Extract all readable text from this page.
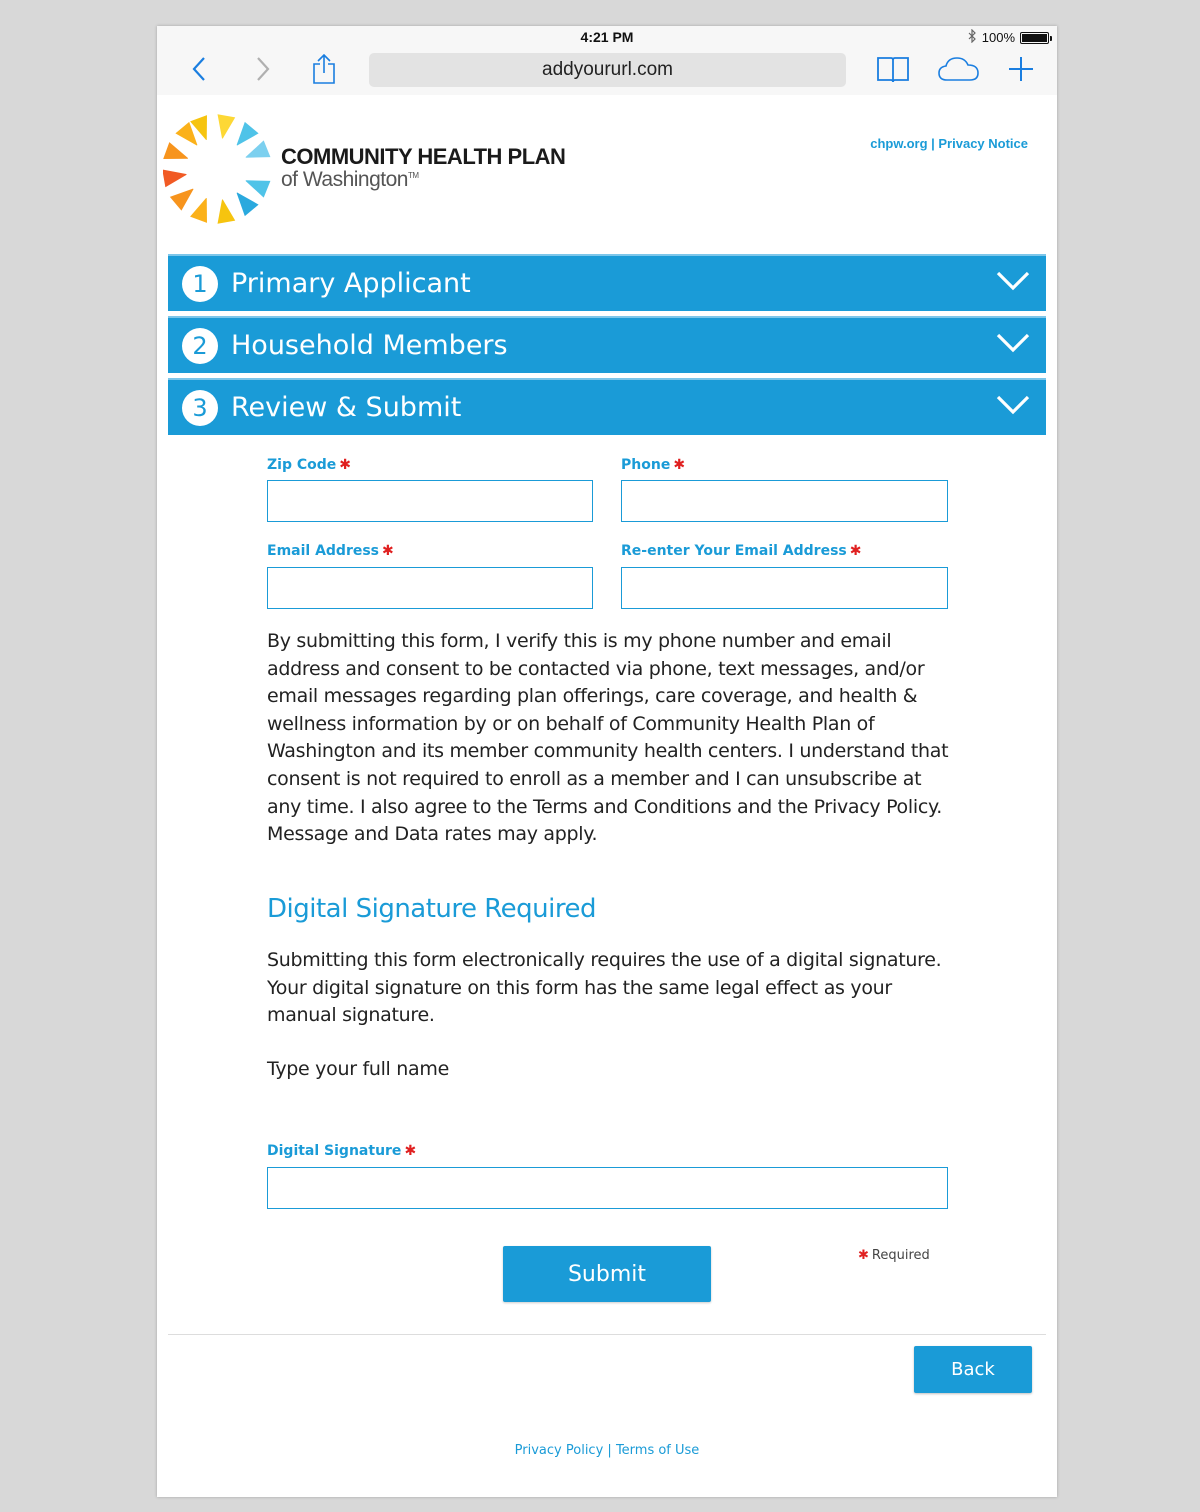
4:21 PM	100%
addyoururl.com
COMMUNITY HEALTH PLAN
of Washington™
chpw.org | Privacy Notice
1 Primary Applicant
2 Household Members
3 Review & Submit
Zip Code ✱	Phone ✱
Email Address ✱	Re-enter Your Email Address ✱
By submitting this form, I verify this is my phone number and email address and consent to be contacted via phone, text messages, and/or email messages regarding plan offerings, care coverage, and health & wellness information by or on behalf of Community Health Plan of Washington and its member community health centers. I understand that consent is not required to enroll as a member and I can unsubscribe at any time. I also agree to the Terms and Conditions and the Privacy Policy. Message and Data rates may apply.
Digital Signature Required
Submitting this form electronically requires the use of a digital signature. Your digital signature on this form has the same legal effect as your manual signature.
Type your full name
Digital Signature ✱
Submit
✱ Required
Back
Privacy Policy | Terms of Use
